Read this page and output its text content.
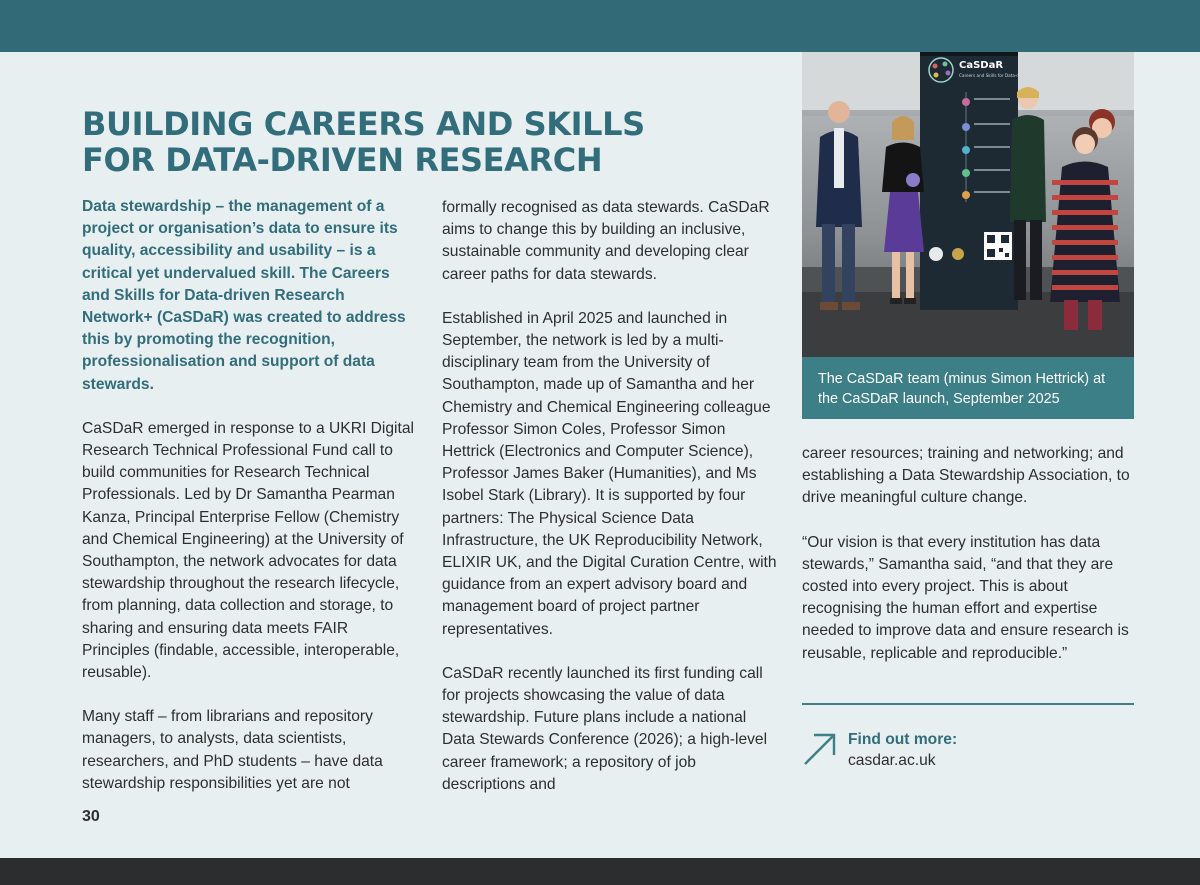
BUILDING CAREERS AND SKILLS
FOR DATA-DRIVEN RESEARCH

Data stewardship – the management of a project or organisation’s data to ensure its quality, accessibility and usability – is a critical yet undervalued skill. The Careers and Skills for Data-driven Research Network+ (CaSDaR) was created to address this by promoting the recognition, professionalisation and support of data stewards.

CaSDaR emerged in response to a UKRI Digital Research Technical Professional Fund call to build communities for Research Technical Professionals. Led by Dr Samantha Pearman Kanza, Principal Enterprise Fellow (Chemistry and Chemical Engineering) at the University of Southampton, the network advocates for data stewardship throughout the research lifecycle, from planning, data collection and storage, to sharing and ensuring data meets FAIR Principles (findable, accessible, interoperable, reusable).

Many staff – from librarians and repository managers, to analysts, data scientists, researchers, and PhD students – have data stewardship responsibilities yet are not

formally recognised as data stewards. CaSDaR aims to change this by building an inclusive, sustainable community and developing clear career paths for data stewards.

Established in April 2025 and launched in September, the network is led by a multi-disciplinary team from the University of Southampton, made up of Samantha and her Chemistry and Chemical Engineering colleague Professor Simon Coles, Professor Simon Hettrick (Electronics and Computer Science), Professor James Baker (Humanities), and Ms Isobel Stark (Library). It is supported by four partners: The Physical Science Data Infrastructure, the UK Reproducibility Network, ELIXIR UK, and the Digital Curation Centre, with guidance from an expert advisory board and management board of project partner representatives.

CaSDaR recently launched its first funding call for projects showcasing the value of data stewardship. Future plans include a national Data Stewards Conference (2026); a high-level career framework; a repository of job descriptions and

CaSDaR
Careers and Skills for Data-driven Research
The CaSDaR team (minus Simon Hettrick) at the CaSDaR launch, September 2025

career resources; training and networking; and establishing a Data Stewardship Association, to drive meaningful culture change.

“Our vision is that every institution has data stewards,” Samantha said, “and that they are costed into every project. This is about recognising the human effort and expertise needed to improve data and ensure research is reusable, replicable and reproducible.”

Find out more:
casdar.ac.uk
30
